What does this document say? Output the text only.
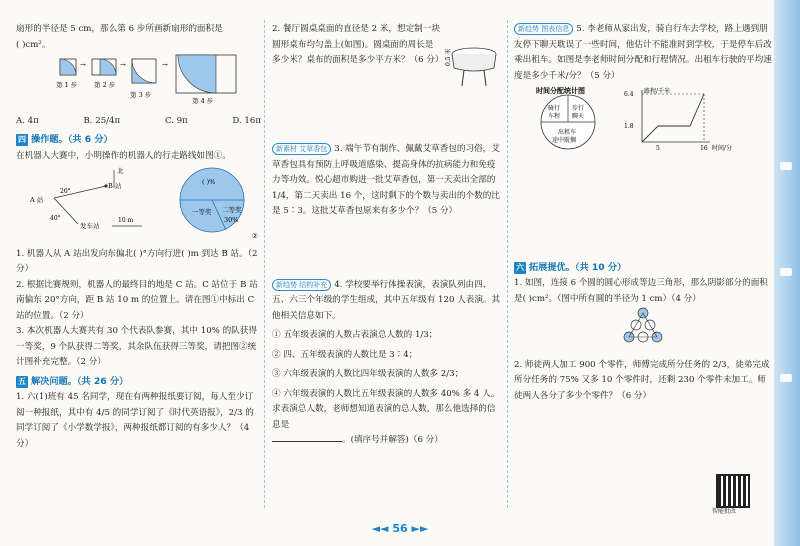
扇形的半径是 5 cm，那么第 6 步所画新扇形的面积是

( )cm²。

→	→	→
第 1 步	第 2 步
第 3 步
第 4 步
A. 4π	B. 25/4π	C. 9π	D. 16π
四 操作题。（共 6 分）

在机器人大赛中，小明操作的机器人的行走路线如图①。

北
B 站
A 站
20°
40°
发车站
10 m
( )%
一等奖 二等奖
30%
②

1. 机器人从 A 站出发向东偏北( )°方向行进( )m 到达 B 站。（2 分）

2. 根据比赛规则，机器人的最终目的地是 C 站。C 站位于 B 站南偏东 20°方向，距 B 站 10 m 的位置上。请在图①中标出 C 站的位置。（2 分）

3. 本次机器人大赛共有 30 个代表队参赛，其中 10% 的队获得一等奖，9 个队获得二等奖，其余队伍获得三等奖，请把图②统计图补充完整。（2 分）

五 解决问题。（共 26 分）

1. 六(1)班有 45 名同学，现在有两种报纸要订阅，每人至少订阅一种报纸，其中有 4/5 的同学订阅了《时代英语报》，2/3 的同学订阅了《小学数学报》，两种报纸都订阅的有多少人？（4 分）

2. 餐厅圆桌桌面的直径是 2 米，想定制一块圆形桌布均匀盖上(如图)。圆桌面的周长是多少米？桌布的面积是多少平方米？（6 分） 0.5 米

新素材 艾草香包 3. 端午节有制作、佩戴艾草香包的习俗，艾草香包具有预防上呼吸道感染、提高身体的抗病能力和免疫力等功效。悦心超市购进一批艾草香包，第一天卖出全部的 1/4，第二天卖出 16 个，这时剩下的个数与卖出的个数的比是 5∶3。这批艾草香包原来有多少个？（5 分）

新趋势 结构补充 4. 学校要举行体操表演，表演队列由四、五、六三个年级的学生组成，其中五年级有 120 人表演。其他相关信息如下。

① 五年级表演的人数占表演总人数的 1/3；

② 四、五年级表演的人数比是 3∶4；

③ 六年级表演的人数比四年级表演的人数多 2/3；

④ 六年级表演的人数比五年级表演的人数多 40% 多 4 人。

求表演总人数，老师想知道表演的总人数，那么他选择的信息是

。(填序号并解答)（6 分）

新趋势 图表信息 5. 李老师从家出发，骑自行车去学校，路上遇到朋友停下聊天耽误了一些时间，他估计不能准时到学校，于是停车后改乘出租车。如图是李老师时间分配和行程情况。出租车行驶的平均速度是多少千米/分？（5 分）

时间分配统计图
骑行
车程
步行
聊天
出租车
途中耽搁
路程/千米
时间/分
6.4
1.8
5	16
六 拓展提优。（共 10 分）

1. 如图，连接 6 个圆的圆心形成等边三角形，那么阴影部分的面积是( )cm²。（图中所有圆的半径为 1 cm）（4 分）

2. 师徒两人加工 900 个零件，师傅完成所分任务的 2/3，徒弟完成所分任务的 75% 又多 10 个零件时，还剩 230 个零件未加工。师徒两人各分了多少个零件？（6 分）

智能批改
◄◄ 56 ►►
